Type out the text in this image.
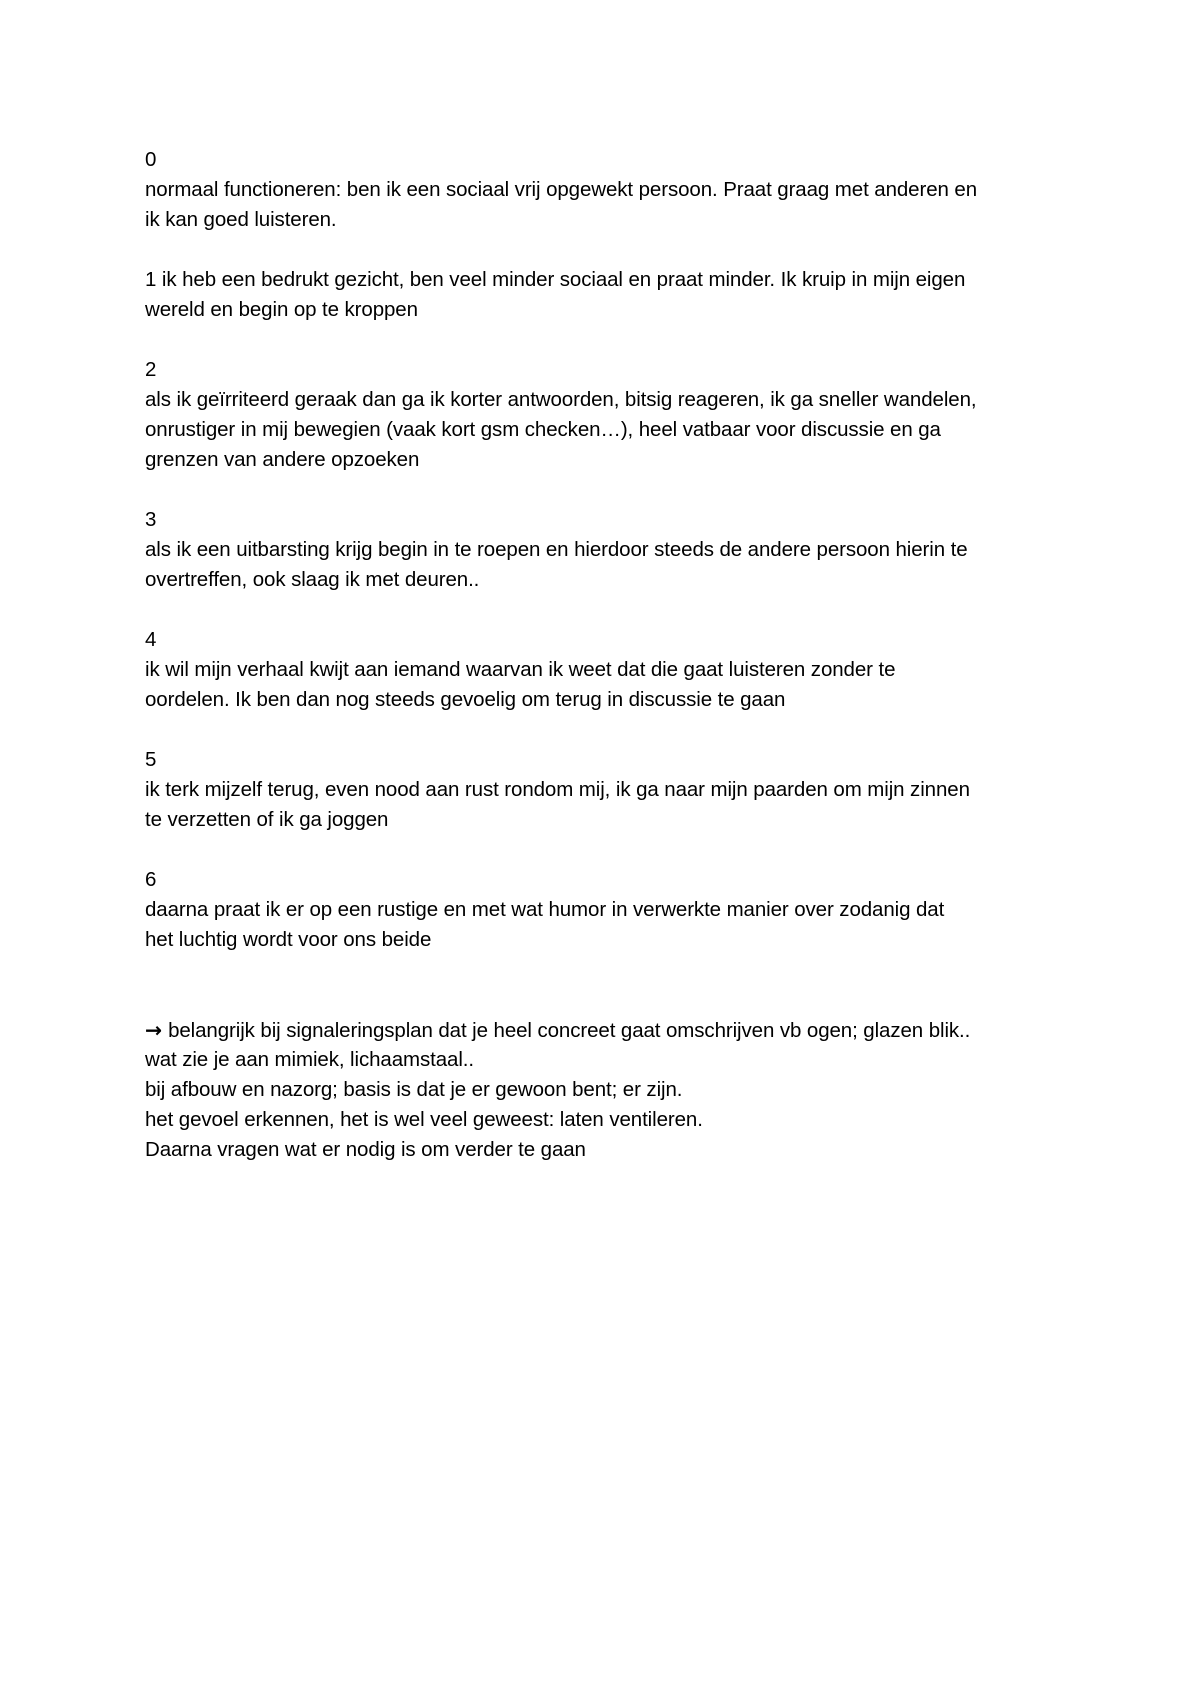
0
normaal functioneren: ben ik een sociaal vrij opgewekt persoon. Praat graag met anderen en
ik kan goed luisteren.
1 ik heb een bedrukt gezicht, ben veel minder sociaal en praat minder. Ik kruip in mijn eigen
wereld en begin op te kroppen
2
als ik geïrriteerd geraak dan ga ik korter antwoorden, bitsig reageren, ik ga sneller wandelen,
onrustiger in mij bewegien (vaak kort gsm checken…), heel vatbaar voor discussie en ga
grenzen van andere opzoeken
3
als ik een uitbarsting krijg begin in te roepen en hierdoor steeds de andere persoon hierin te
overtreffen, ook slaag ik met deuren..
4
ik wil mijn verhaal kwijt aan iemand waarvan ik weet dat die gaat luisteren zonder te
oordelen. Ik ben dan nog steeds gevoelig om terug in discussie te gaan
5
ik terk mijzelf terug, even nood aan rust rondom mij, ik ga naar mijn paarden om mijn zinnen
te verzetten of ik ga joggen
6
daarna praat ik er op een rustige en met wat humor in verwerkte manier over zodanig dat
het luchtig wordt voor ons beide
→ belangrijk bij signaleringsplan dat je heel concreet gaat omschrijven vb ogen; glazen blik..
wat zie je aan mimiek, lichaamstaal..
bij afbouw en nazorg; basis is dat je er gewoon bent; er zijn.
het gevoel erkennen, het is wel veel geweest: laten ventileren.
Daarna vragen wat er nodig is om verder te gaan
